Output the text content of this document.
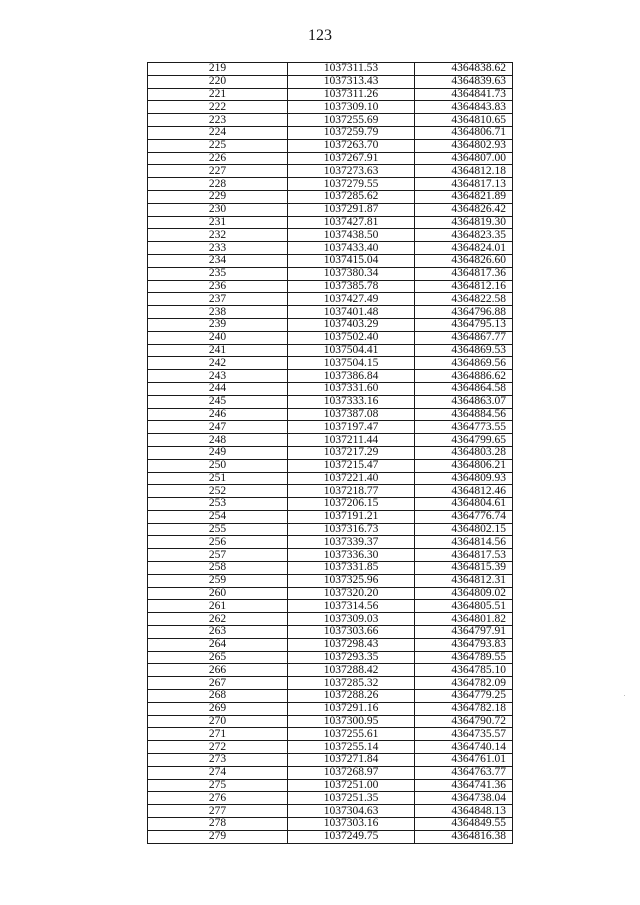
123
219	1037311.53	4364838.62
220	1037313.43	4364839.63
221	1037311.26	4364841.73
222	1037309.10	4364843.83
223	1037255.69	4364810.65
224	1037259.79	4364806.71
225	1037263.70	4364802.93
226	1037267.91	4364807.00
227	1037273.63	4364812.18
228	1037279.55	4364817.13
229	1037285.62	4364821.89
230	1037291.87	4364826.42
231	1037427.81	4364819.30
232	1037438.50	4364823.35
233	1037433.40	4364824.01
234	1037415.04	4364826.60
235	1037380.34	4364817.36
236	1037385.78	4364812.16
237	1037427.49	4364822.58
238	1037401.48	4364796.88
239	1037403.29	4364795.13
240	1037502.40	4364867.77
241	1037504.41	4364869.53
242	1037504.15	4364869.56
243	1037386.84	4364886.62
244	1037331.60	4364864.58
245	1037333.16	4364863.07
246	1037387.08	4364884.56
247	1037197.47	4364773.55
248	1037211.44	4364799.65
249	1037217.29	4364803.28
250	1037215.47	4364806.21
251	1037221.40	4364809.93
252	1037218.77	4364812.46
253	1037206.15	4364804.61
254	1037191.21	4364776.74
255	1037316.73	4364802.15
256	1037339.37	4364814.56
257	1037336.30	4364817.53
258	1037331.85	4364815.39
259	1037325.96	4364812.31
260	1037320.20	4364809.02
261	1037314.56	4364805.51
262	1037309.03	4364801.82
263	1037303.66	4364797.91
264	1037298.43	4364793.83
265	1037293.35	4364789.55
266	1037288.42	4364785.10
267	1037285.32	4364782.09
268	1037288.26	4364779.25
269	1037291.16	4364782.18
270	1037300.95	4364790.72
271	1037255.61	4364735.57
272	1037255.14	4364740.14
273	1037271.84	4364761.01
274	1037268.97	4364763.77
275	1037251.00	4364741.36
276	1037251.35	4364738.04
277	1037304.63	4364848.13
278	1037303.16	4364849.55
279	1037249.75	4364816.38
